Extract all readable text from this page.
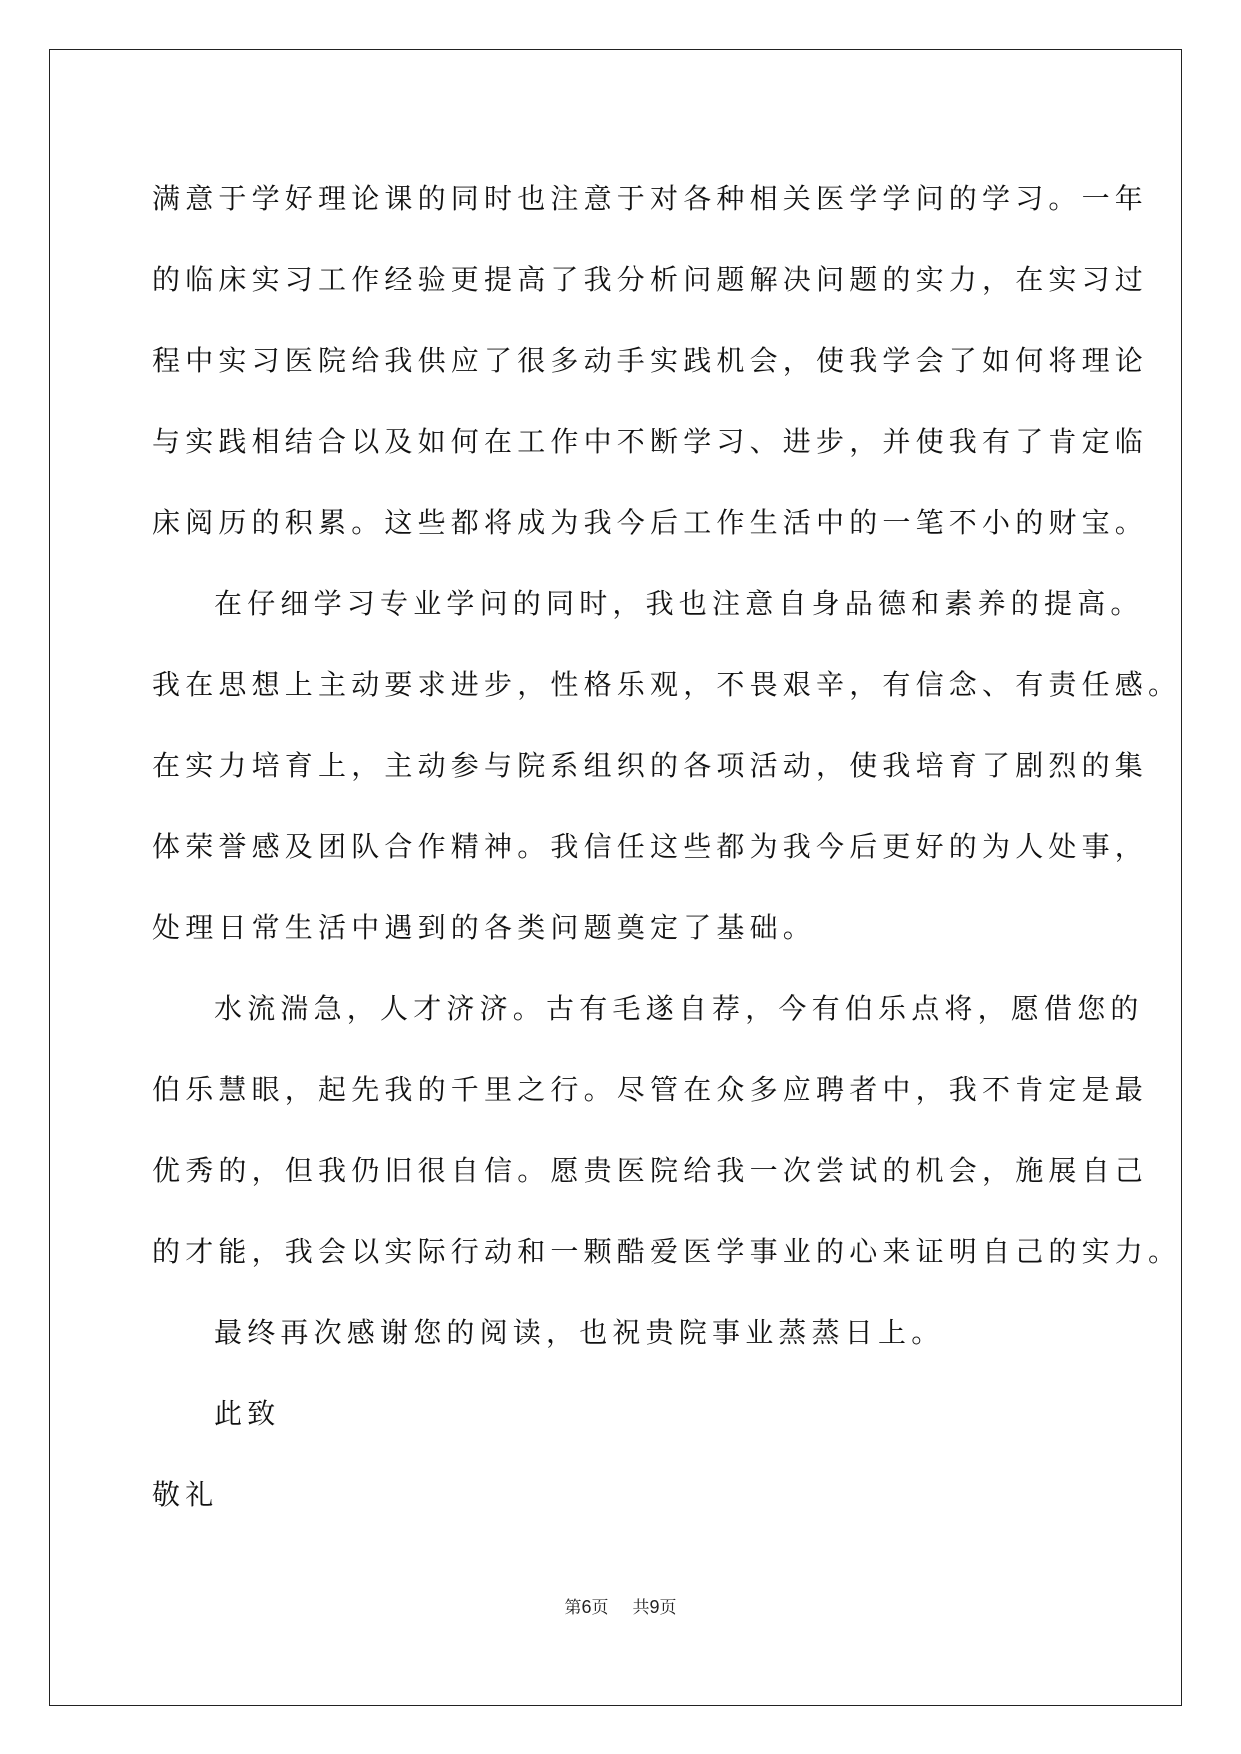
满意于学好理论课的同时也注意于对各种相关医学学问的学习。一年

的临床实习工作经验更提高了我分析问题解决问题的实力，在实习过

程中实习医院给我供应了很多动手实践机会，使我学会了如何将理论

与实践相结合以及如何在工作中不断学习、进步，并使我有了肯定临

床阅历的积累。这些都将成为我今后工作生活中的一笔不小的财宝。

在仔细学习专业学问的同时，我也注意自身品德和素养的提高。

我在思想上主动要求进步，性格乐观，不畏艰辛，有信念、有责任感。

在实力培育上，主动参与院系组织的各项活动，使我培育了剧烈的集

体荣誉感及团队合作精神。我信任这些都为我今后更好的为人处事，

处理日常生活中遇到的各类问题奠定了基础。

水流湍急，人才济济。古有毛遂自荐，今有伯乐点将，愿借您的

伯乐慧眼，起先我的千里之行。尽管在众多应聘者中，我不肯定是最

优秀的，但我仍旧很自信。愿贵医院给我一次尝试的机会，施展自己

的才能，我会以实际行动和一颗酷爱医学事业的心来证明自己的实力。

最终再次感谢您的阅读，也祝贵院事业蒸蒸日上。

此致

敬礼

第6页 共9页
